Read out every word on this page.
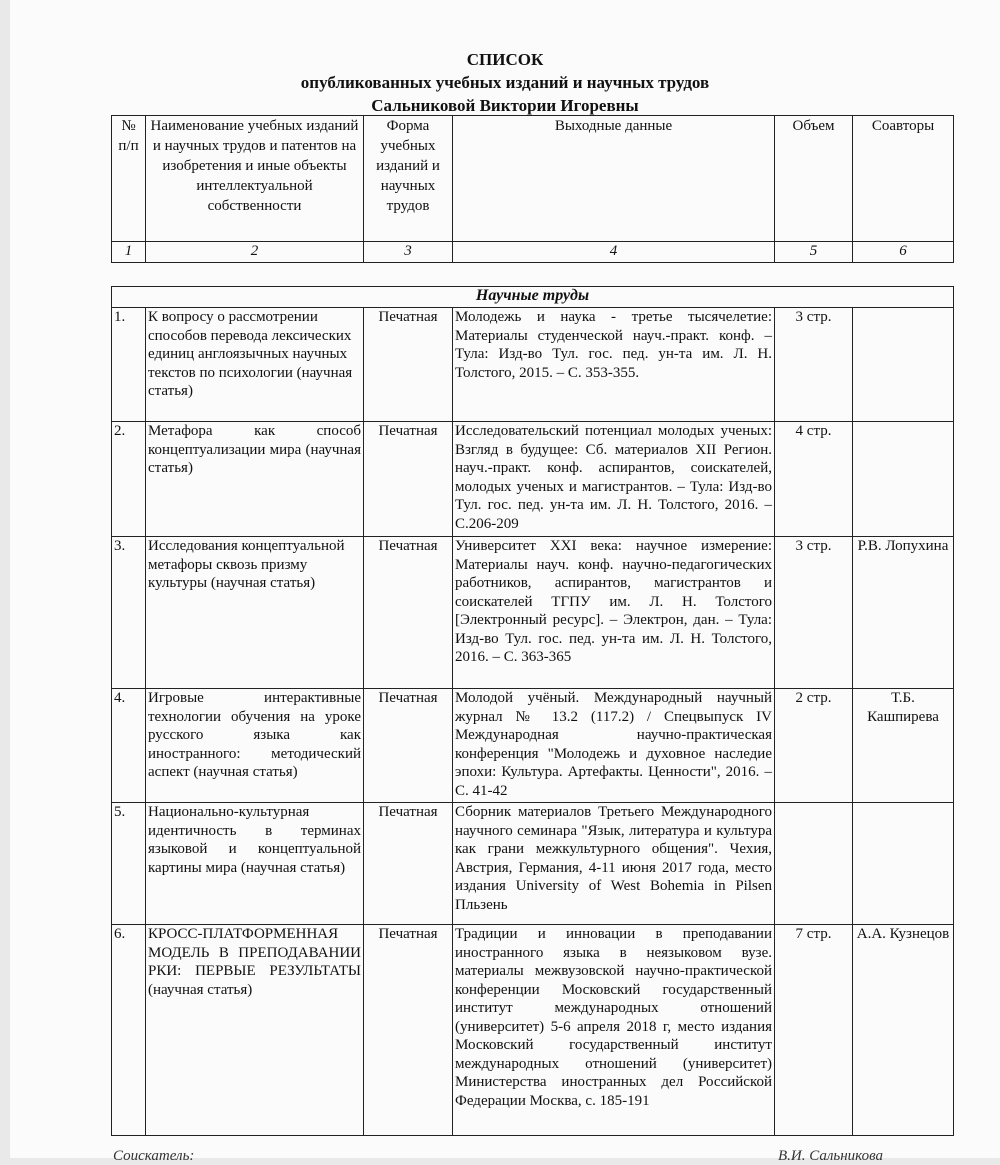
СПИСОК
опубликованных учебных изданий и научных трудов
Сальниковой Виктории Игоревны
№ п/п	Наименование учебных изданий и научных трудов и патентов на изобретения и иные объекты интеллектуальной собственности	Форма учебных изданий и научных трудов	Выходные данные	Объем	Соавторы
1	2	3	4	5	6
Научные труды					
1.	К вопросу о рассмотрении способов перевода лексических единиц англоязычных научных текстов по психологии (научная статья)	Печатная	Молодежь и наука - третье тысячелетие: Материалы студенческой науч.-практ. конф. – Тула: Изд-во Тул. гос. пед. ун-та им. Л. Н. Толстого, 2015. – С. 353-355.	3 стр.	
2.	Метафора как способ концептуализации мира (научная статья)	Печатная	Исследовательский потенциал молодых ученых: Взгляд в будущее: Сб. материалов XII Регион. науч.-практ. конф. аспирантов, соискателей, молодых ученых и магистрантов. – Тула: Изд-во Тул. гос. пед. ун-та им. Л. Н. Толстого, 2016. – С.206-209	4 стр.	
3.	Исследования концептуальной метафоры сквозь призму культуры (научная статья)	Печатная	Университет XXI века: научное измерение: Материалы науч. конф. научно-педагогических работников, аспирантов, магистрантов и соискателей ТГПУ им. Л. Н. Толстого [Электронный ресурс]. – Электрон, дан. – Тула: Изд-во Тул. гос. пед. ун-та им. Л. Н. Толстого, 2016. – С. 363-365	3 стр.	Р.В. Лопухина
4.	Игровые интерактивные технологии обучения на уроке русского языка как иностранного: методический аспект (научная статья)	Печатная	Молодой учёный. Международный научный журнал № 13.2 (117.2) / Спецвыпуск IV Международная научно-практическая конференция "Молодежь и духовное наследие эпохи: Культура. Артефакты. Ценности", 2016. – С. 41-42	2 стр.	Т.Б. Кашпирева
5.	Национально-культурная идентичность в терминах языковой и концептуальной картины мира (научная статья)	Печатная	Сборник материалов Третьего Международного научного семинара "Язык, литература и культура как грани межкультурного общения". Чехия, Австрия, Германия, 4-11 июня 2017 года, место издания University of West Bohemia in Pilsen Пльзень		
6.	КРОСС-ПЛАТФОРМЕННАЯ МОДЕЛЬ В ПРЕПОДАВАНИИ РКИ: ПЕРВЫЕ РЕЗУЛЬТАТЫ (научная статья)	Печатная	Традиции и инновации в преподавании иностранного языка в неязыковом вузе. материалы межвузовской научно-практической конференции Московский государственный институт международных отношений (университет) 5-6 апреля 2018 г, место издания Московский государственный институт международных отношений (университет) Министерства иностранных дел Российской Федерации Москва, с. 185-191	7 стр.	А.А. Кузнецов
Соискатель:	В.И. Сальникова
